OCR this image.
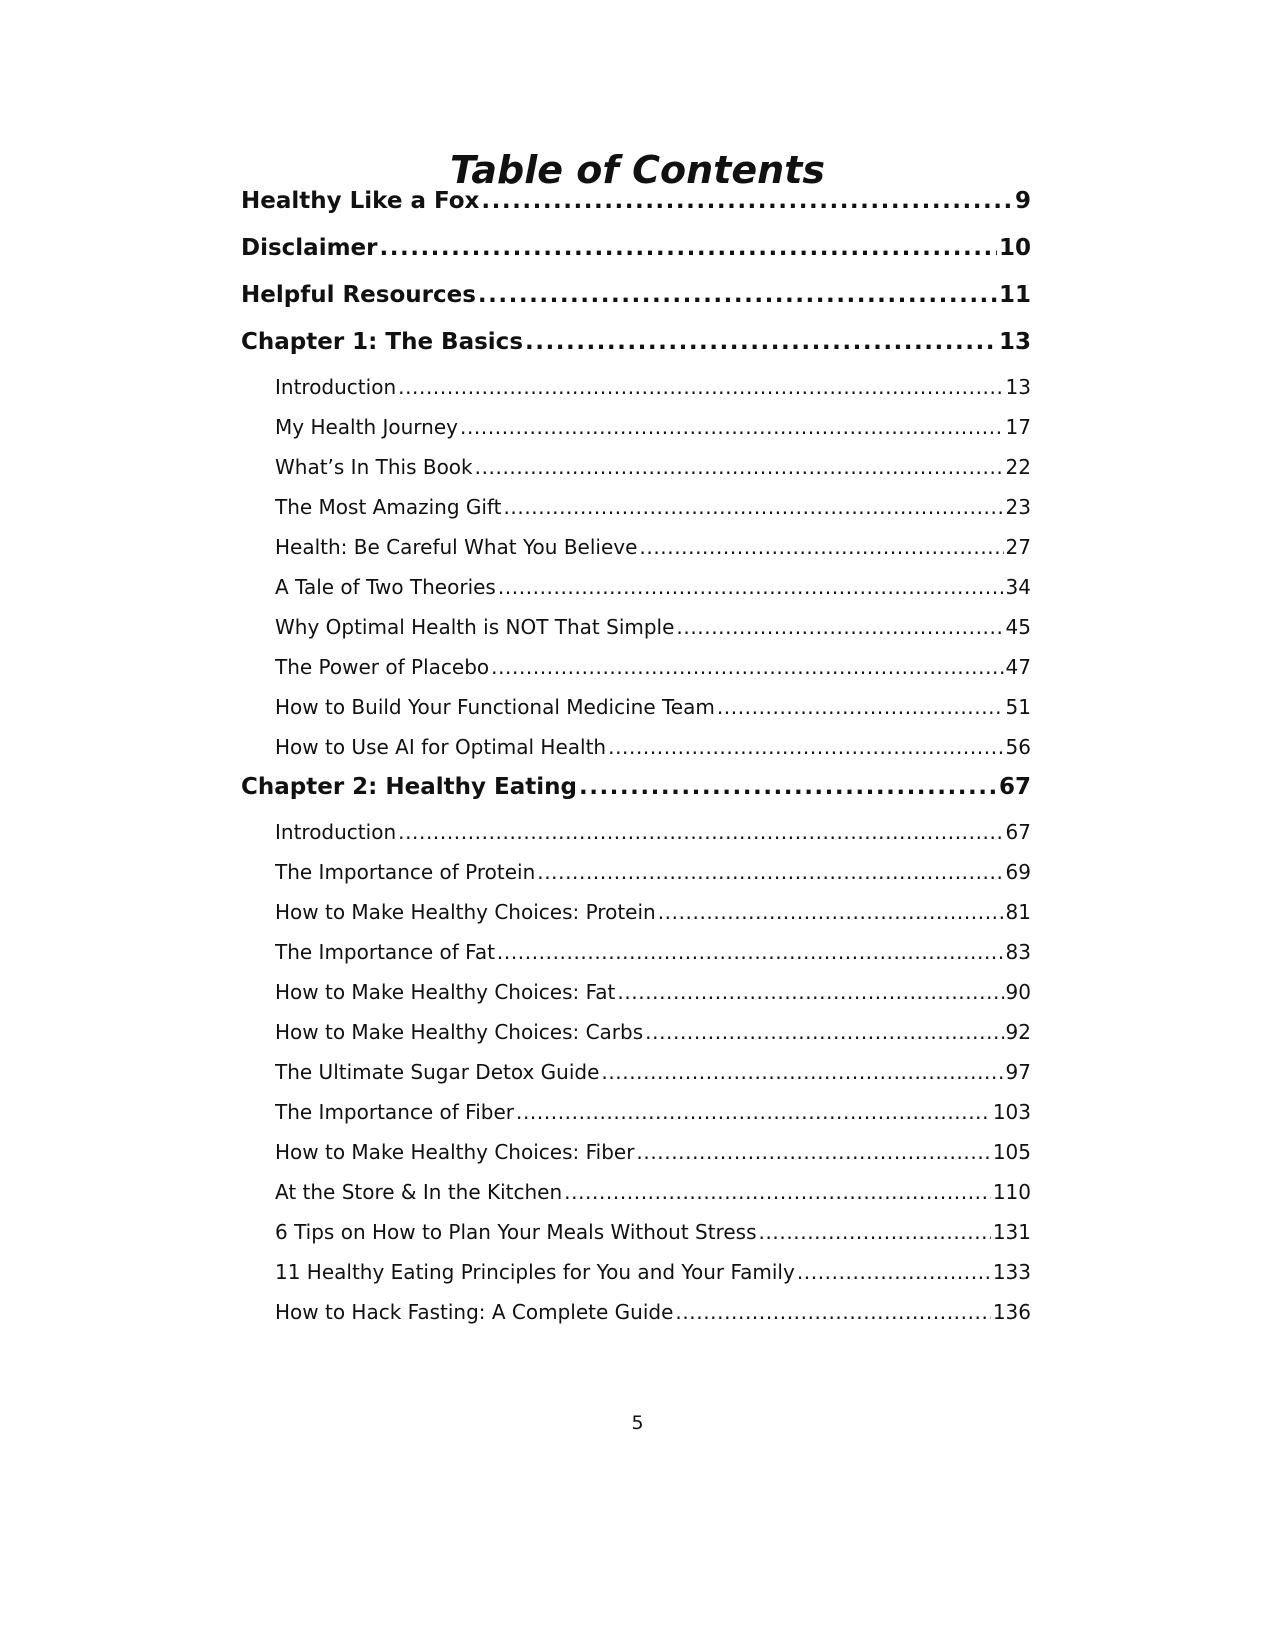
Table of Contents
Healthy Like a Fox .....	9
Disclaimer .....	10
Helpful Resources .....	11
Chapter 1: The Basics .....	13
Introduction .....	13
My Health Journey .....	17
What’s In This Book .....	22
The Most Amazing Gift .....	23
Health: Be Careful What You Believe .....	27
A Tale of Two Theories .....	34
Why Optimal Health is NOT That Simple .....	45
The Power of Placebo .....	47
How to Build Your Functional Medicine Team .....	51
How to Use AI for Optimal Health .....	56
Chapter 2: Healthy Eating .....	67
Introduction .....	67
The Importance of Protein .....	69
How to Make Healthy Choices: Protein .....	81
The Importance of Fat .....	83
How to Make Healthy Choices: Fat .....	90
How to Make Healthy Choices: Carbs .....	92
The Ultimate Sugar Detox Guide .....	97
The Importance of Fiber .....	103
How to Make Healthy Choices: Fiber .....	105
At the Store & In the Kitchen .....	110
6 Tips on How to Plan Your Meals Without Stress .....	131
11 Healthy Eating Principles for You and Your Family .....	133
How to Hack Fasting: A Complete Guide .....	136
5
